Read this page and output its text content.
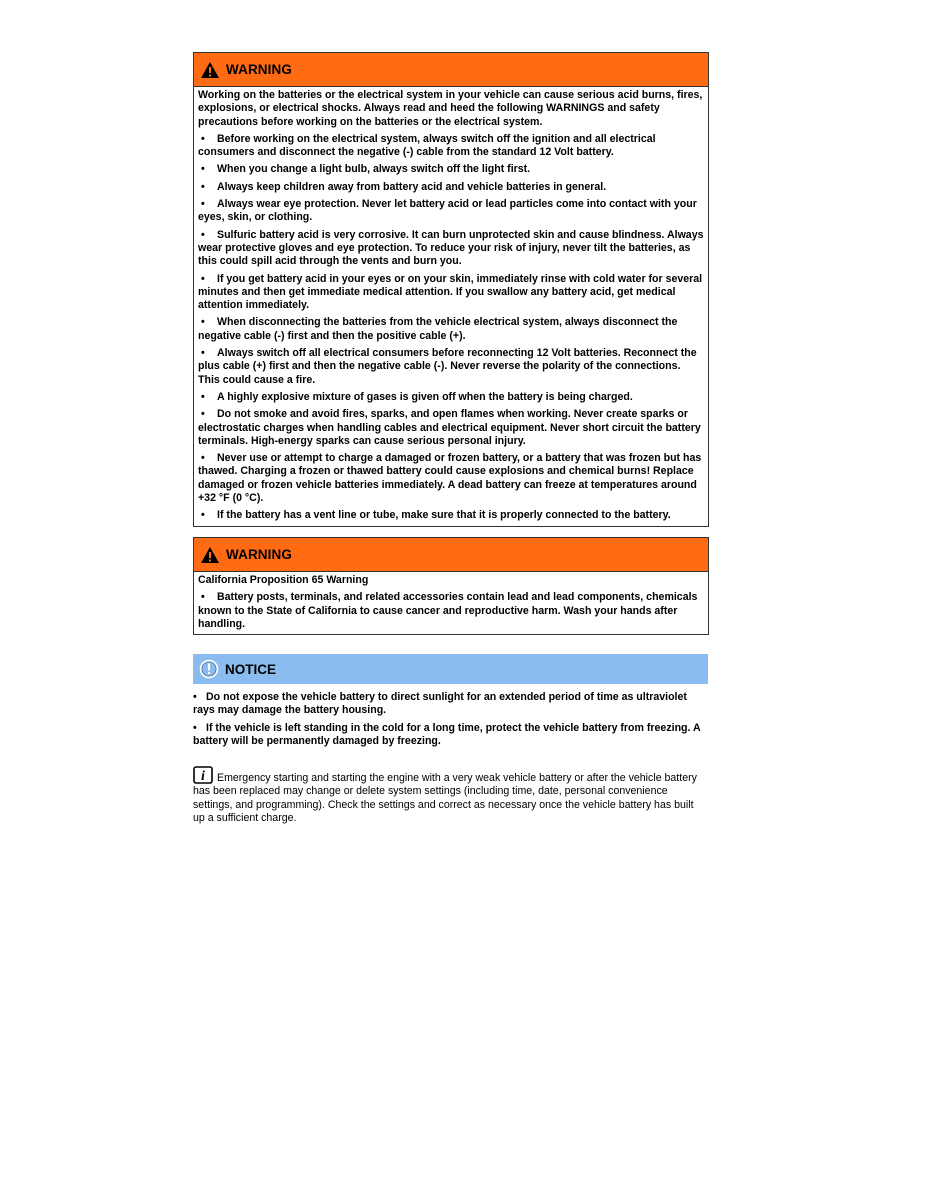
WARNING

Working on the batteries or the electrical system in your vehicle can cause serious acid burns, fires, explosions, or electrical shocks. Always read and heed the following WARNINGS and safety precautions before working on the batteries or the electrical system.

• Before working on the electrical system, always switch off the ignition and all electrical consumers and disconnect the negative (-) cable from the standard 12 Volt battery.

• When you change a light bulb, always switch off the light first.

• Always keep children away from battery acid and vehicle batteries in general.

• Always wear eye protection. Never let battery acid or lead particles come into contact with your eyes, skin, or clothing.

• Sulfuric battery acid is very corrosive. It can burn unprotected skin and cause blindness. Always wear protective gloves and eye protection. To reduce your risk of injury, never tilt the batteries, as this could spill acid through the vents and burn you.

• If you get battery acid in your eyes or on your skin, immediately rinse with cold water for several minutes and then get immediate medical attention. If you swallow any battery acid, get medical attention immediately.

• When disconnecting the batteries from the vehicle electrical system, always disconnect the negative cable (-) first and then the positive cable (+).

• Always switch off all electrical consumers before reconnecting 12 Volt batteries. Reconnect the plus cable (+) first and then the negative cable (-). Never reverse the polarity of the connections. This could cause a fire.

• A highly explosive mixture of gases is given off when the battery is being charged.

• Do not smoke and avoid fires, sparks, and open flames when working. Never create sparks or electrostatic charges when handling cables and electrical equipment. Never short circuit the battery terminals. High-energy sparks can cause serious personal injury.

• Never use or attempt to charge a damaged or frozen battery, or a battery that was frozen but has thawed. Charging a frozen or thawed battery could cause explosions and chemical burns! Replace damaged or frozen vehicle batteries immediately. A dead battery can freeze at temperatures around +32 °F (0 °C).

• If the battery has a vent line or tube, make sure that it is properly connected to the battery.

WARNING

California Proposition 65 Warning

• Battery posts, terminals, and related accessories contain lead and lead components, chemicals known to the State of California to cause cancer and reproductive harm. Wash your hands after handling.

NOTICE

• Do not expose the vehicle battery to direct sunlight for an extended period of time as ultraviolet rays may damage the battery housing.

• If the vehicle is left standing in the cold for a long time, protect the vehicle battery from freezing. A battery will be permanently damaged by freezing.

i Emergency starting and starting the engine with a very weak vehicle battery or after the vehicle battery has been replaced may change or delete system settings (including time, date, personal convenience settings, and programming). Check the settings and correct as necessary once the vehicle battery has built up a sufficient charge.
